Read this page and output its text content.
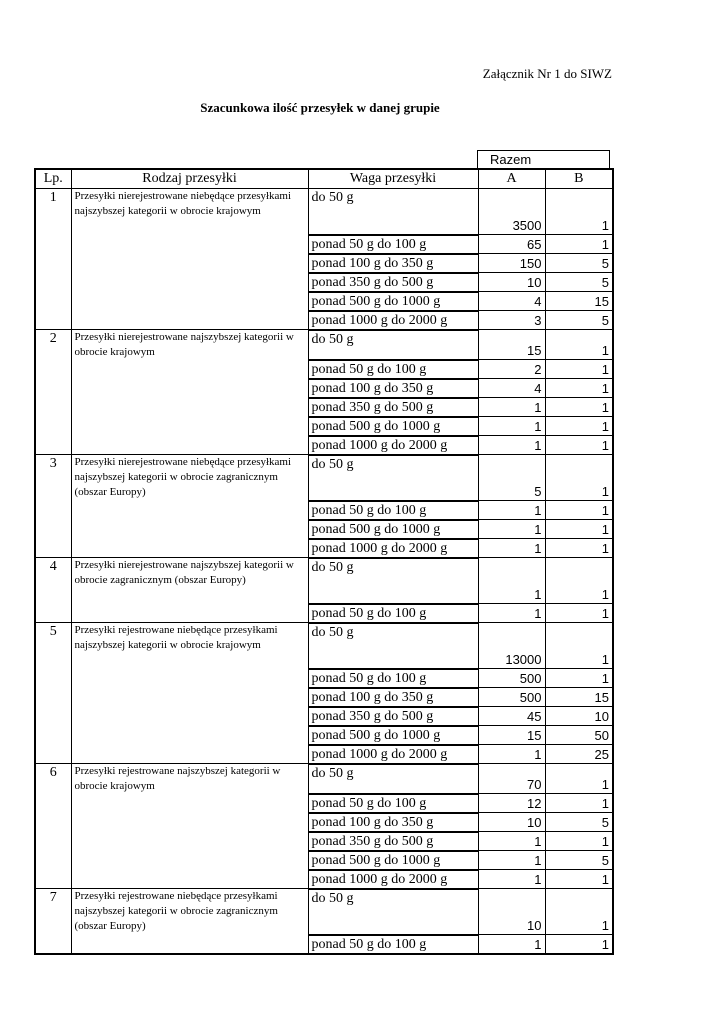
Załącznik Nr 1 do SIWZ
Szacunkowa ilość przesyłek w danej grupie
Razem
Lp.	Rodzaj przesyłki	Waga przesyłki	A	B
1	Przesyłki nierejestrowane niebędące przesyłkami najszybszej kategorii w obrocie krajowym	do 50 g	3500	1
		ponad 50 g do 100 g	65	1
		ponad 100 g do 350 g	150	5
		ponad 350 g do 500 g	10	5
		ponad 500 g do 1000 g	4	15
		ponad 1000 g do 2000 g	3	5
2	Przesyłki nierejestrowane najszybszej kategorii w obrocie krajowym	do 50 g	15	1
		ponad 50 g do 100 g	2	1
		ponad 100 g do 350 g	4	1
		ponad 350 g do 500 g	1	1
		ponad 500 g do 1000 g	1	1
		ponad 1000 g do 2000 g	1	1
3	Przesyłki nierejestrowane niebędące przesyłkami najszybszej kategorii w obrocie zagranicznym (obszar Europy)	do 50 g	5	1
		ponad 50 g do 100 g	1	1
		ponad 500 g do 1000 g	1	1
		ponad 1000 g do 2000 g	1	1
4	Przesyłki nierejestrowane najszybszej kategorii w obrocie zagranicznym (obszar Europy)	do 50 g	1	1
		ponad 50 g do 100 g	1	1
5	Przesyłki rejestrowane niebędące przesyłkami najszybszej kategorii w obrocie krajowym	do 50 g	13000	1
		ponad 50 g do 100 g	500	1
		ponad 100 g do 350 g	500	15
		ponad 350 g do 500 g	45	10
		ponad 500 g do 1000 g	15	50
		ponad 1000 g do 2000 g	1	25
6	Przesyłki rejestrowane najszybszej kategorii w obrocie krajowym	do 50 g	70	1
		ponad 50 g do 100 g	12	1
		ponad 100 g do 350 g	10	5
		ponad 350 g do 500 g	1	1
		ponad 500 g do 1000 g	1	5
		ponad 1000 g do 2000 g	1	1
7	Przesyłki rejestrowane niebędące przesyłkami najszybszej kategorii w obrocie zagranicznym (obszar Europy)	do 50 g	10	1
		ponad 50 g do 100 g	1	1
